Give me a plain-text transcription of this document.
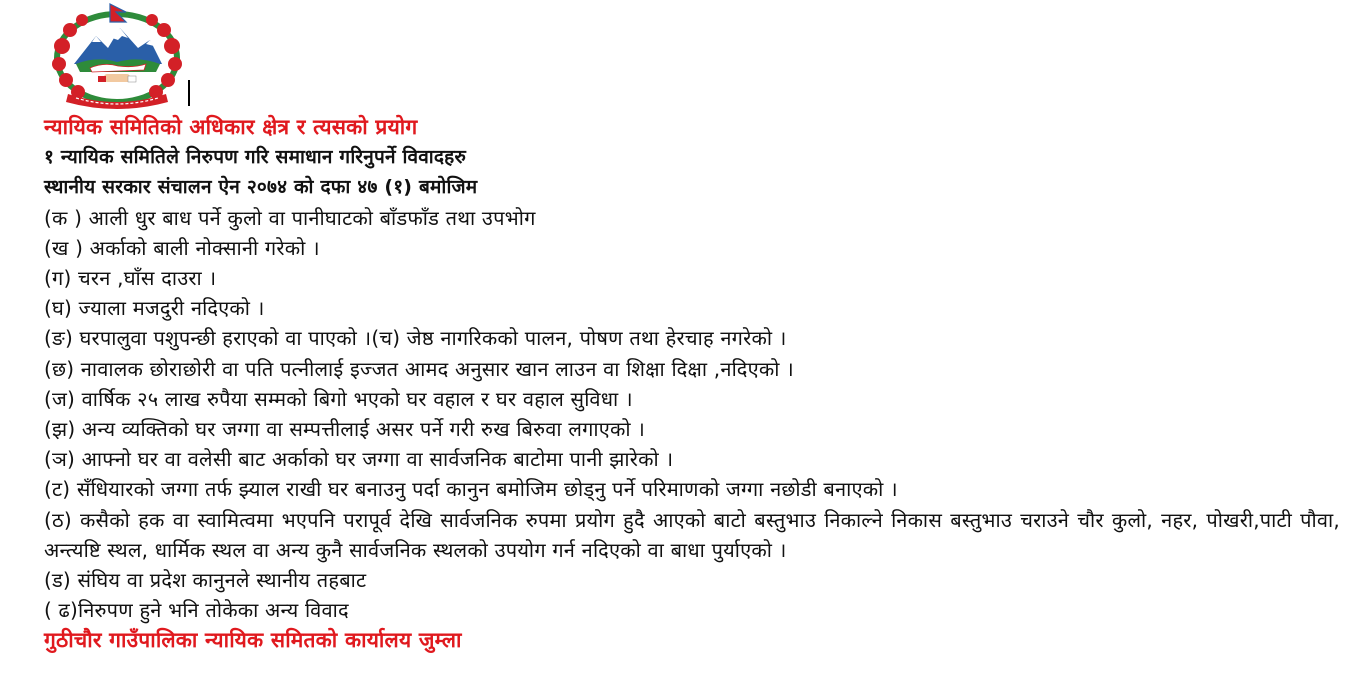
न्यायिक समितिको अधिकार क्षेत्र र त्यसको प्रयोग
१ न्यायिक समितिले निरुपण गरि समाधान गरिनुपर्ने विवादहरु
स्थानीय सरकार संचालन ऐन २०७४ को दफा ४७ (१) बमोजिम
(क ) आली धुर बाध पर्ने कुलो वा पानीघाटको बाँडफाँड तथा उपभोग
(ख ) अर्काको बाली नोक्सानी गरेको ।
(ग) चरन ,घाँस दाउरा ।
(घ) ज्याला मजदुरी नदिएको ।
(ङ) घरपालुवा पशुपन्छी हराएको वा पाएको ।(च) जेष्ठ नागरिकको पालन, पोषण तथा हेरचाह नगरेको ।
(छ) नावालक छोराछोरी वा पति पत्नीलाई इज्जत आमद अनुसार खान लाउन वा शिक्षा दिक्षा ,नदिएको ।
(ज) वार्षिक २५ लाख रुपैया सम्मको बिगो भएको घर वहाल र घर वहाल सुविधा ।
(झ) अन्य व्यक्तिको घर जग्गा वा सम्पत्तीलाई असर पर्ने गरी रुख बिरुवा लगाएको ।
(ञ) आफ्नो घर वा वलेसी बाट अर्काको घर जग्गा वा सार्वजनिक बाटोमा पानी झारेको ।
(ट) सँधियारको जग्गा तर्फ झ्याल राखी घर बनाउनु पर्दा कानुन बमोजिम छोड्नु पर्ने परिमाणको जग्गा नछोडी बनाएको ।
(ठ) कसैको हक वा स्वामित्वमा भएपनि परापूर्व देखि सार्वजनिक रुपमा प्रयोग हुदै आएको बाटो बस्तुभाउ निकाल्ने निकास बस्तुभाउ चराउने चौर कुलो, नहर, पोखरी,पाटी पौवा, अन्त्यष्टि स्थल, धार्मिक स्थल वा अन्य कुनै सार्वजनिक स्थलको उपयोग गर्न नदिएको वा बाधा पुर्याएको ।
(ड) संघिय वा प्रदेश कानुनले स्थानीय तहबाट
( ढ)निरुपण हुने भनि तोकेका अन्य विवाद
गुठीचौर गाउँपालिका न्यायिक समितको कार्यालय जुम्ला
